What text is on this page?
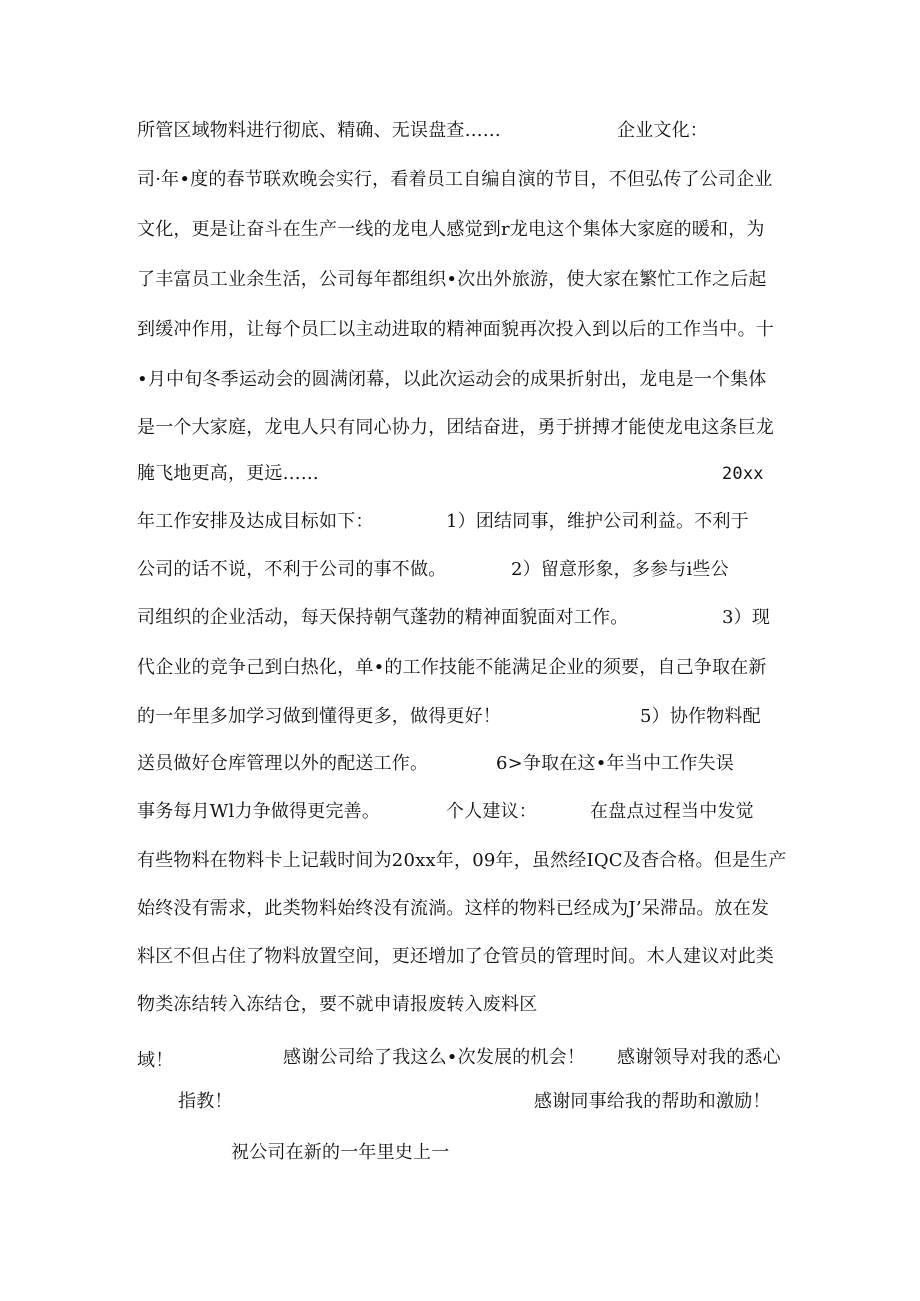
所管区域物料进行彻底、精确、无误盘查……	企业文化：
司·年•度的春节联欢晚会实行，看着员工自编自演的节目，不但弘传了公司企业
文化，更是让奋斗在生产一线的龙电人感觉到r龙电这个集体大家庭的暖和，为
了丰富员工业余生活，公司每年都组织•次出外旅游，使大家在繁忙工作之后起
到缓冲作用，让每个员匚以主动进取的精神面貌再次投入到以后的工作当中。十
•月中旬冬季运动会的圆满闭幕，以此次运动会的成果折射出，龙电是一个集体
是一个大家庭，龙电人只有同心协力，团结奋进，勇于拼搏才能使龙电这条巨龙
腌飞地更高，更远……	20xx
年工作安排及达成目标如下：	1）团结同事，维护公司利益。不利于
公司的话不说，不利于公司的事不做。	2）留意形象，多参与i些公
司组织的企业活动，每天保持朝气蓬勃的精神面貌面对工作。	3）现
代企业的竞争己到白热化，单•的工作技能不能满足企业的须要，自己争取在新
的一年里多加学习做到懂得更多，做得更好！	5）协作物料配
送员做好仓库管理以外的配送工作。	6>争取在这•年当中工作失误
事务每月Wl力争做得更完善。	个人建议：	在盘点过程当中发觉
有些物料在物料卡上记载时间为20xx年，09年，虽然经IQC及杳合格。但是生产
始终没有需求，此类物料始终没有流淌。这样的物料已经成为J’呆滞品。放在发
料区不但占住了物料放置空间，更还增加了仓管员的管理时间。木人建议对此类
物类冻结转入冻结仓，要不就申请报废转入废料区
域！	感谢公司给了我这么•次发展的机会！ 感谢领导对我的悉心
指教！	感谢同事给我的帮助和激励！
祝公司在新的一年里史上一
